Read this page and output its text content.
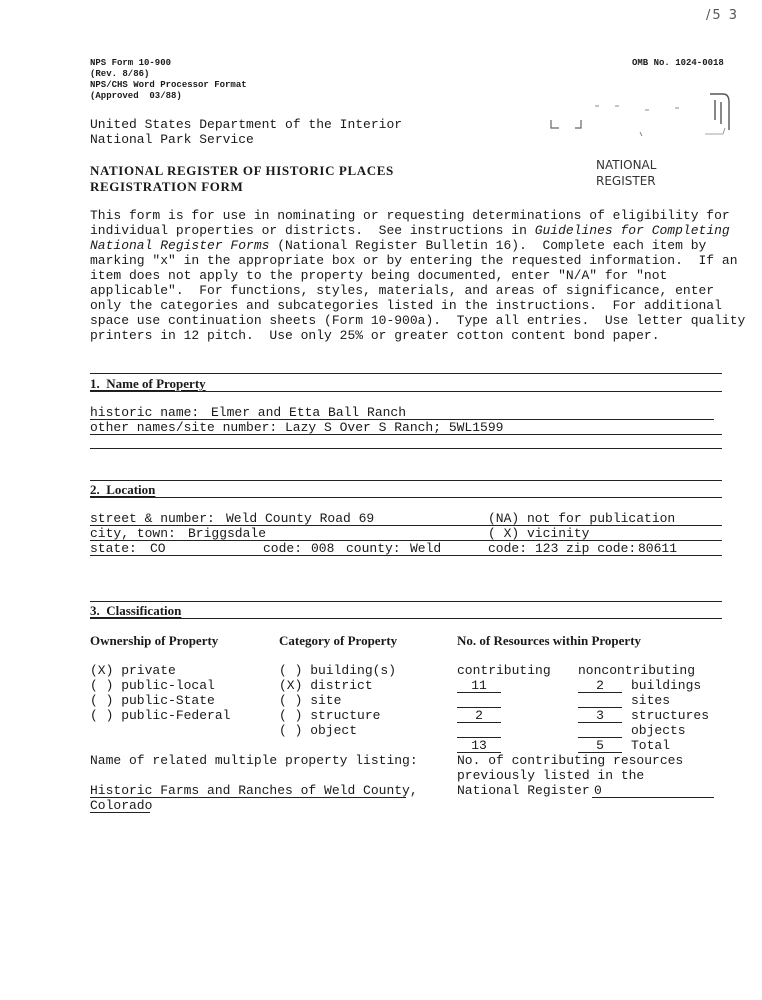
/5 3
NPS Form 10-900
(Rev. 8/86)
NPS/CHS Word Processor Format
(Approved  03/88)
OMB No. 1024-0018
United States Department of the Interior
National Park Service
NATIONAL REGISTER OF HISTORIC PLACES
REGISTRATION FORM
NATIONAL
REGISTER
This form is for use in nominating or requesting determinations of eligibility for
individual properties or districts.  See instructions in Guidelines for Completing
National Register Forms (National Register Bulletin 16).  Complete each item by
marking "x" in the appropriate box or by entering the requested information.  If an
item does not apply to the property being documented, enter "N/A" for "not
applicable".  For functions, styles, materials, and areas of significance, enter
only the categories and subcategories listed in the instructions.  For additional
space use continuation sheets (Form 10-900a).  Type all entries.  Use letter quality
printers in 12 pitch.  Use only 25% or greater cotton content bond paper.
1.  Name of Property
historic name: Elmer and Etta Ball Ranch
other names/site number: Lazy S Over S Ranch; 5WL1599
2.  Location
street & number: Weld County Road 69	(NA) not for publication
city, town: Briggsdale	( X) vicinity
state: CO	code: 008 county: Weld	code: 123 zip code: 80611
3.  Classification
Ownership of Property	Category of Property	No. of Resources within Property
(X) private
( ) public-local
( ) public-State
( ) public-Federal
( ) building(s)
(X) district
( ) site
( ) structure
( ) object
contributing noncontributing
11	2	buildings
sites
2	3	structures
objects
13	5	Total
Name of related multiple property listing:
Historic Farms and Ranches of Weld County,
Colorado
No. of contributing resources
previously listed in the
National Register 0
